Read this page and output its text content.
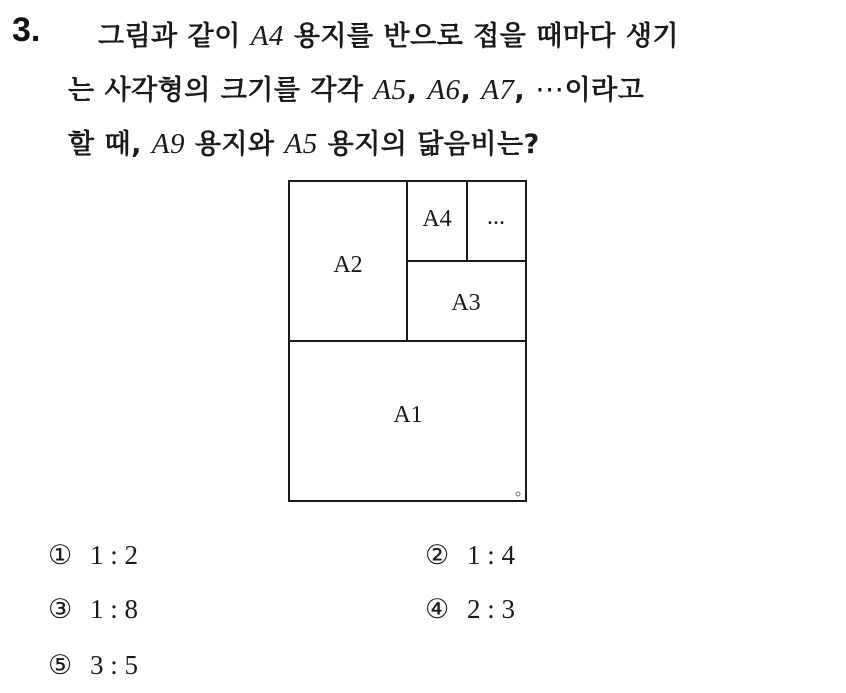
3. 그림과 같이 A4 용지를 반으로 접을 때마다 생기
는 사각형의 크기를 각각 A5, A6, A7, ⋯이라고
할 때, A9 용지와 A5 용지의 닮음비는?
A2
A4 ...
A3
A1
① 1 : 2	② 1 : 4
③ 1 : 8	④ 2 : 3
⑤ 3 : 5
